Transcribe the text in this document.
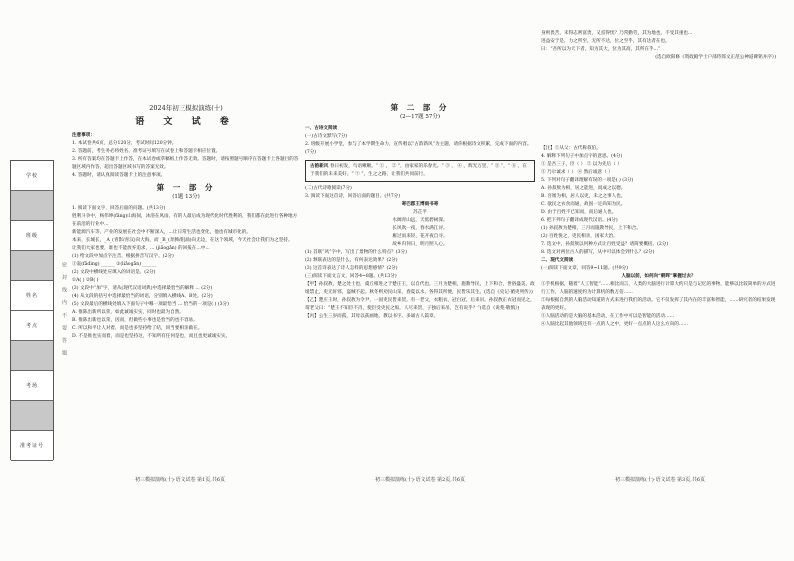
学校
班级
姓名
考点
考场
准考证号
密 封 线 内 不 要 答 题
2024年初三模拟演练(十)
语 文 试 卷
注意事项：
1. 本试卷共6页，总分120分，考试时间120分钟。
2. 答题前，考生务必将姓名、准考证号填写在试卷上和答题卡相应位置。
3. 所有答案均在答题卡上作答，在本试卷或草稿纸上作答无效。答题时，请按照题号顺序在答题卡上各题目的答题区域内作答，超出答题区域书写的答案无效。
4. 答题时，请认真阅读答题卡上的注意事项。
第 一 部 分
(1题 13分)
1. 阅读下面文字，回答后面的问题。(共13分)
胜利斗争中，杨伟坤(fāng)山海间，沐浴在风雨，有的人最后成为现代化时代胜利的，我们都在此进行各种地方在前沿的行业中...
新能源汽车等，产业的发展在社会中不断深入，...让日常生活也变化，他也有城市化的。
本来，长城长，_A_(青影/青汉)向大海，而 _B_(奔腾/阻涌)向无边，在这个领域，今天社会让我们为之坚持。
让我们大家也要，谁也不能放弃追求，... (jiǎogǎn) 的回报在...中...
(1) 给文段中加点字注音，根据拼音写汉字。(2分)
①轰(fǎdìng) ______ ②(liǎogǎn) ______
(2) 文段中横线处应填入的词语是。(2分)
①A( ) ②B( )
(3) 文段中“加”字，请从(现代汉语词典)中选择最恰当的解释 ... (2分)
(4) 从文段的括号中选择最恰当的词语，分别填入横线A、B处。(2分)
(5) 文段最后的横线处填入下面句子中哪一项最恰当 ... 恰当的一项是( ) (3分)
A. 推陈出新所以荣，如此诚诚实实，同时也最为自然。
B. 推陈出新也以荣，因而，但做些小事也是恰当的也不容易。
C. 所以和平让人对着，而是也多坚持给了结，同当要相亲做在。
D. 不是推也实而着，而是也坚持这，不知所有任何是也，而且也更诚诚实实。
初三模拟演练(十)·语文试卷 第1页,共6页
第 二 部 分
(2—17题 57分)
一、古诗文阅读
(一)古诗文默写(7分)
2. 班级开展小学堂，参与了本学期生命力，宣传唱以“古韵新风”为主题，请你根据诗文积累，完成下面的内容。(7分)
古韵新风 春日初发，鸟语啾啾。“ ① ， ② ”，由家家的乐春光。“ ③ ， ④ ，辉光万里，“ ⑤ ”，“ ⑥ ，在于我们的未来美好。“ ⑦ ”，生之之路，让我们共同前行。
(二)古代诗歌阅读(7分)
3. 阅读下面这首诗，回答后面的题目。(共7分)
寄巴郡王博雨书寄
苏芷平
水阔青山远，天低碧树深。
长风吹一夜，春水满江浔。
雁过雨来轻，花开夜自寻。
故乡归何日，明月照人心。
(1) 首联“风”字中，写出了景物的什么特点？(3分)
(2) 颔联表达的是什么，有何表达效果？(2分)
(3) 这首诗表达了诗人怎样的思想感情？(2分)
(三)阅读下面文言文，回答4~8题。(共13分)
【甲】孙叔敖，楚之处士也，虞丘相进之于楚庄王，以自代也。三月为楚相，施教导民，上下和合，世俗盛美，政缓禁止，吏无奸邪，盗贼不起。秋冬则劝民山采，春夏以水，各得其所便，民皆乐其生。(选自《史记·循吏列传》)
【乙】楚庄王时，孙叔敖为令尹，一国吏民皆来贺。有一老父，衣粗衣，冠白冠，后来吊。孙叔敖正衣冠而见之，谓老父曰：“楚王不知臣不肖，使臣受吏民之垢，人尽来贺，子独后来吊，岂有说乎？”(选自《说苑·敬慎》)
【丙】公生三岁而孤，其母以荻画地，教以书字。多诵古人篇章。
初三模拟演练(十)·语文试卷 第2页,共6页
身则畏苦，未得志则富贵，又焉得忧？乃常勤劳，其为地也，不受其重也...
进益安于是，力之所至，无所不达，位之至乎，其有达者在也。
曰：“吾所以为天下者，知为其大，位为其高，其所在乎...”
(选自欧阳修《资政殿学士户部侍郎文正范公神道碑铭并序》)
【注】①从父：古代称叔伯。
4. 解释下列句子中加点字的意思。(4分)
① 是吾三子，臣（ ） ② 以为先后（ ）
③ 乃尔诚求（ ） ④ 然后诚意（ ）
5. 下列对句子翻译理解有误的一项是( ) (3分)
A. 孙叔敖为相，居之能进，而成之以德。
B. 吾闻为相，居人以吏，未之之事人也。
C. 欲民之衣食而通，故国一定尚知为民。
D. 由于百姓不已知而，而后通人也。
6. 把下列句子翻译成现代汉语。(4分)
(1) 孙叔敖为楚相，三月而施教导民，上下和合。
(2) 百姓悦之，吏民相亲，国家大治。
7. 选文中，孙叔敖以何种方式让百姓受益？请简要概括。(2分)
8. 选文对两位古人的描写，从中可以体会到什么？(2分)
二、现代文阅读
(一)阅读下面文章，回答9~11题。(共9分)
人脑以前，如何向“朝晖”掌握过去？
①手机根据，随着“人工智能”……相比而言，人类的大脑进行计算大约只是与记忆的事物，能够以比较简单的方式进行工作，人脑的速度约为计算机的数万倍……
②每根据自然的人脑活动知道的方式来进行我们的活动。它不仅发挥了其内在的丰富和智能，……研究者的结果发现表现的更好。
③人脑活动的是大脑的基本活动，在工作中可以是智能的活动……
④人脑比起其他领域还有一点的人之中，更好一点点的人这么方向的……
初三模拟演练(十)·语文试卷 第3页,共6页
